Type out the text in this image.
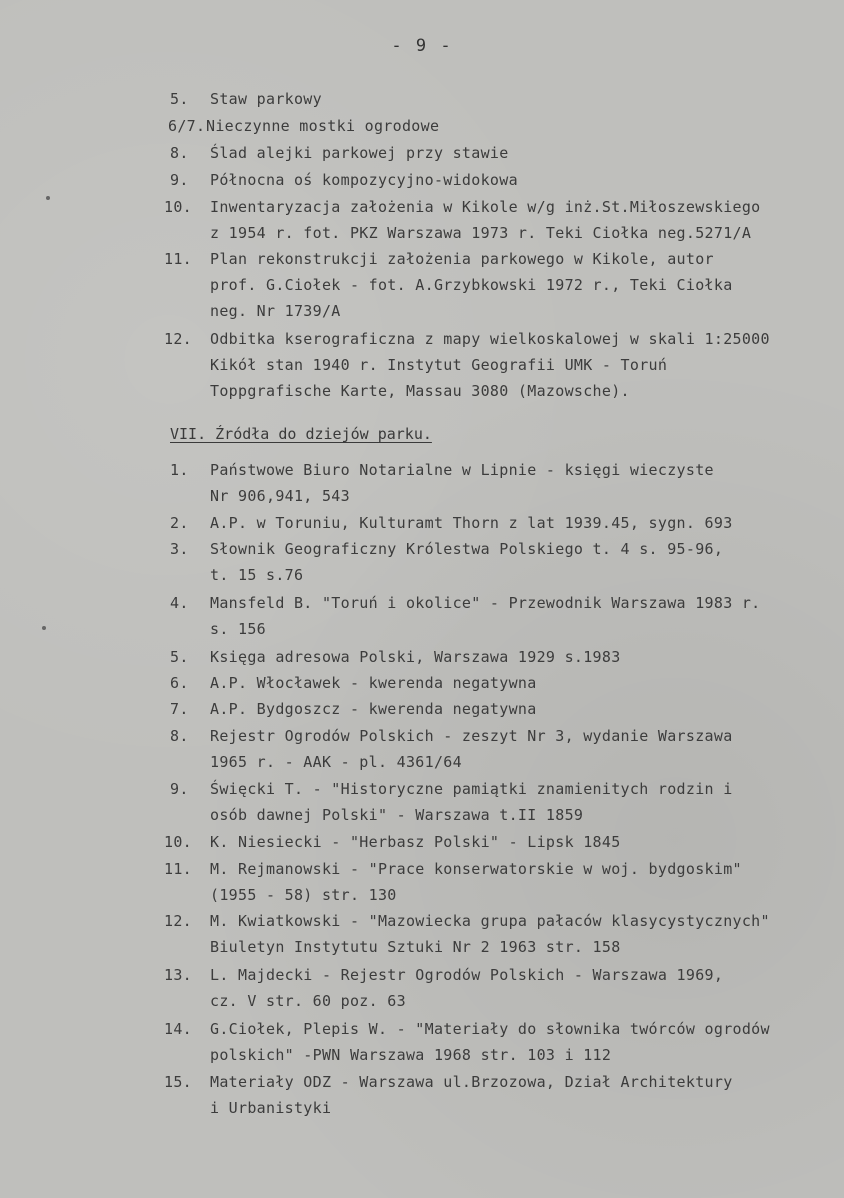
- 9 -
5. Staw parkowy
6/7. Nieczynne mostki ogrodowe
8. Ślad alejki parkowej przy stawie
9. Północna oś kompozycyjno-widokowa
10. Inwentaryzacja założenia w Kikole w/g inż.St.Miłoszewskiego
z 1954 r. fot. PKZ Warszawa 1973 r. Teki Ciołka neg.5271/A
11. Plan rekonstrukcji założenia parkowego w Kikole, autor
prof. G.Ciołek - fot. A.Grzybkowski 1972 r., Teki Ciołka
neg. Nr 1739/A
12. Odbitka kserograficzna z mapy wielkoskalowej w skali 1:25000
Kikół stan 1940 r. Instytut Geografii UMK - Toruń
Toppgrafische Karte, Massau 3080 (Mazowsche).
VII. Źródła do dziejów parku.
1. Państwowe Biuro Notarialne w Lipnie - księgi wieczyste
Nr 906,941, 543
2. A.P. w Toruniu, Kulturamt Thorn z lat 1939.45, sygn. 693
3. Słownik Geograficzny Królestwa Polskiego t. 4 s. 95-96,
t. 15 s.76
4. Mansfeld B. "Toruń i okolice" - Przewodnik Warszawa 1983 r.
s. 156
5. Księga adresowa Polski, Warszawa 1929 s.1983
6. A.P. Włocławek - kwerenda negatywna
7. A.P. Bydgoszcz - kwerenda negatywna
8. Rejestr Ogrodów Polskich - zeszyt Nr 3, wydanie Warszawa
1965 r. - AAK - pl. 4361/64
9. Święcki T. - "Historyczne pamiątki znamienitych rodzin i
osób dawnej Polski" - Warszawa t.II 1859
10. K. Niesiecki - "Herbasz Polski" - Lipsk 1845
11. M. Rejmanowski - "Prace konserwatorskie w woj. bydgoskim"
(1955 - 58) str. 130
12. M. Kwiatkowski - "Mazowiecka grupa pałaców klasycystycznych"
Biuletyn Instytutu Sztuki Nr 2 1963 str. 158
13. L. Majdecki - Rejestr Ogrodów Polskich - Warszawa 1969,
cz. V str. 60 poz. 63
14. G.Ciołek, Plepis W. - "Materiały do słownika twórców ogrodów
polskich" -PWN Warszawa 1968 str. 103 i 112
15. Materiały ODZ - Warszawa ul.Brzozowa, Dział Architektury
i Urbanistyki
